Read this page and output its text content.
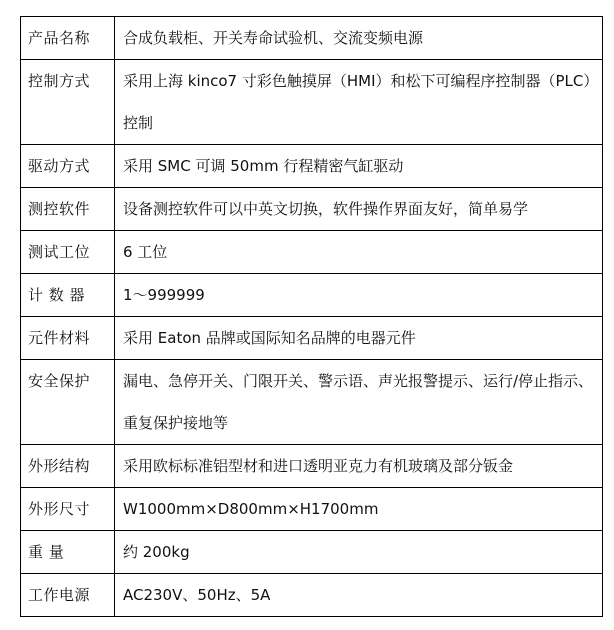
产品名称	合成负载柜、开关寿命试验机、交流变频电源
控制方式	采用上海 kinco7 寸彩色触摸屏（HMI）和松下可编程序控制器（PLC）控制
驱动方式	采用 SMC 可调 50mm 行程精密气缸驱动
测控软件	设备测控软件可以中英文切换，软件操作界面友好，简单易学
测试工位	6 工位
计 数 器	1～999999
元件材料	采用 Eaton 品牌或国际知名品牌的电器元件
安全保护	漏电、急停开关、门限开关、警示语、声光报警提示、运行/停止指示、重复保护接地等
外形结构	采用欧标标准铝型材和进口透明亚克力有机玻璃及部分钣金
外形尺寸	W1000mm×D800mm×H1700mm
重 量	约 200kg
工作电源	AC230V、50Hz、5A
